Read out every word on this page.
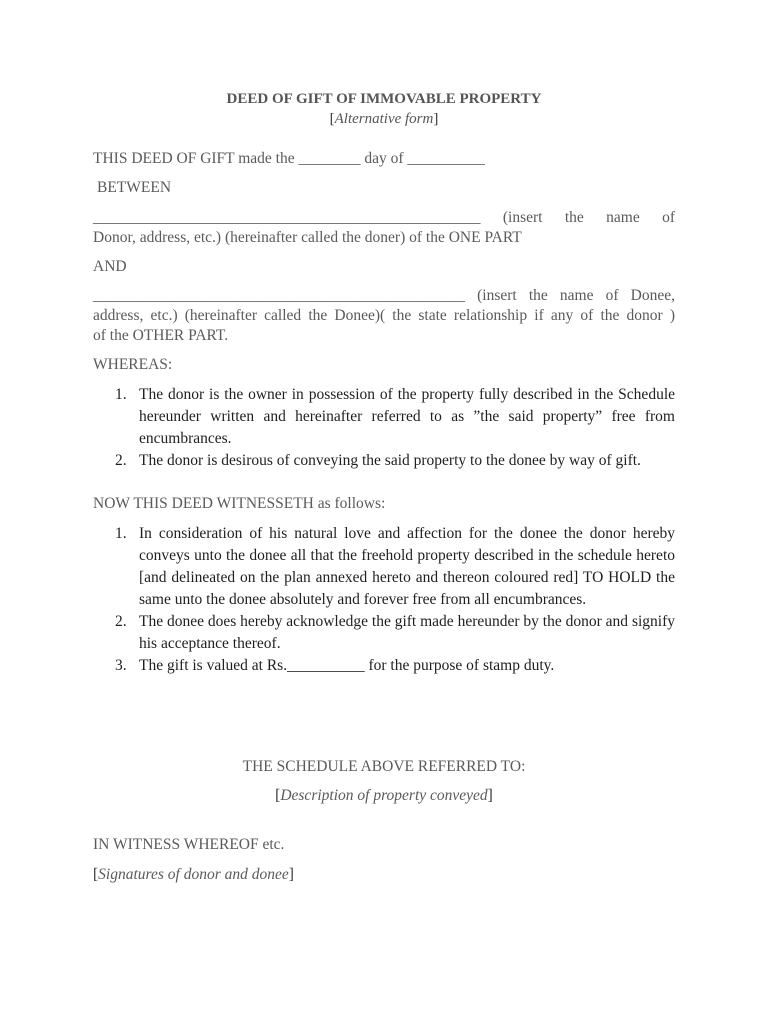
DEED OF GIFT OF IMMOVABLE PROPERTY
[Alternative form]
THIS DEED OF GIFT made the ________ day of __________
BETWEEN
__________________________________________________ (insert the name of
Donor, address, etc.) (hereinafter called the doner) of the ONE PART
AND
________________________________________________ (insert the name of Donee,
address, etc.) (hereinafter called the Donee)( the state relationship if any of the donor )
of the OTHER PART.
WHEREAS:
1. The donor is the owner in possession of the property fully described in the Schedule hereunder written and hereinafter referred to as ”the said property” free from encumbrances.
2. The donor is desirous of conveying the said property to the donee by way of gift.
NOW THIS DEED WITNESSETH as follows:
1. In consideration of his natural love and affection for the donee the donor hereby conveys unto the donee all that the freehold property described in the schedule hereto [and delineated on the plan annexed hereto and thereon coloured red] TO HOLD the same unto the donee absolutely and forever free from all encumbrances.
2. The donee does hereby acknowledge the gift made hereunder by the donor and signify his acceptance thereof.
3. The gift is valued at Rs.__________ for the purpose of stamp duty.
THE SCHEDULE ABOVE REFERRED TO:
[Description of property conveyed]
IN WITNESS WHEREOF etc.
[Signatures of donor and donee]
